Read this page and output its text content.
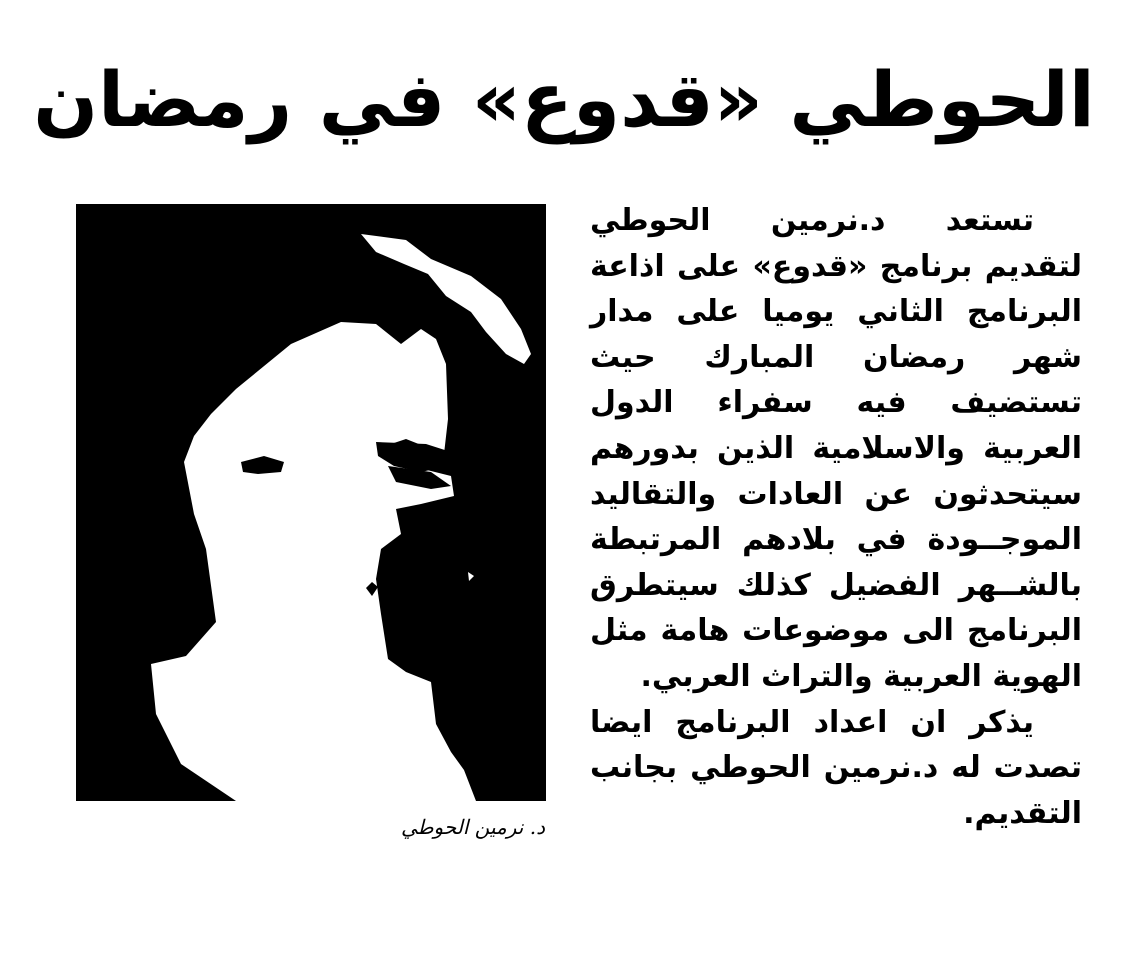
الحوطي «قدوع» في رمضان

تستعد د.نرمين الحوطي لتقديم برنامج «قدوع» على اذاعة البرنامج الثاني يوميا على مدار شهر رمضان المبارك حيث تستضيف فيه سفراء الدول العربية والاسلامية الذين بدورهم سيتحدثون عن العادات والتقاليد الموجــودة في بلادهم المرتبطة بالشــهر الفضيل كذلك سيتطرق البرنامج الى موضوعات هامة مثل الهوية العربية والتراث العربي.

يذكر ان اعداد البرنامج ايضا تصدت له د.نرمين الحوطي بجانب التقديم.

د. نرمين الحوطي
